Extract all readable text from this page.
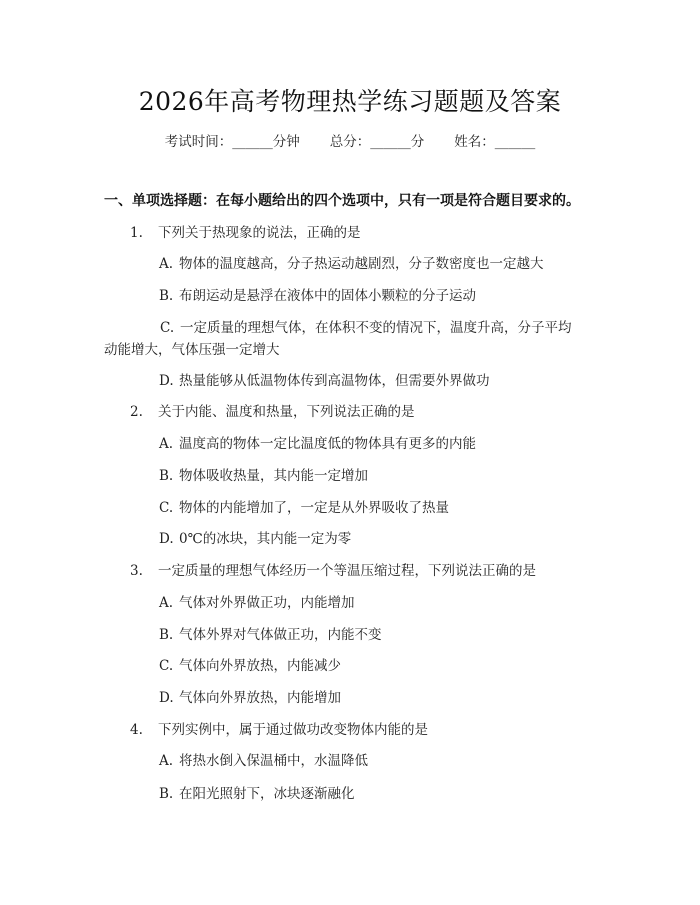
2026年高考物理热学练习题题及答案
考试时间：______分钟 总分：______分 姓名：______
一、单项选择题：在每小题给出的四个选项中，只有一项是符合题目要求的。
1. 下列关于热现象的说法，正确的是
A. 物体的温度越高，分子热运动越剧烈，分子数密度也一定越大
B. 布朗运动是悬浮在液体中的固体小颗粒的分子运动
C. 一定质量的理想气体，在体积不变的情况下，温度升高，分子平均动能增大，气体压强一定增大
D. 热量能够从低温物体传到高温物体，但需要外界做功
2. 关于内能、温度和热量，下列说法正确的是
A. 温度高的物体一定比温度低的物体具有更多的内能
B. 物体吸收热量，其内能一定增加
C. 物体的内能增加了，一定是从外界吸收了热量
D. 0℃的冰块，其内能一定为零
3. 一定质量的理想气体经历一个等温压缩过程，下列说法正确的是
A. 气体对外界做正功，内能增加
B. 气体外界对气体做正功，内能不变
C. 气体向外界放热，内能减少
D. 气体向外界放热，内能增加
4. 下列实例中，属于通过做功改变物体内能的是
A. 将热水倒入保温桶中，水温降低
B. 在阳光照射下，冰块逐渐融化
